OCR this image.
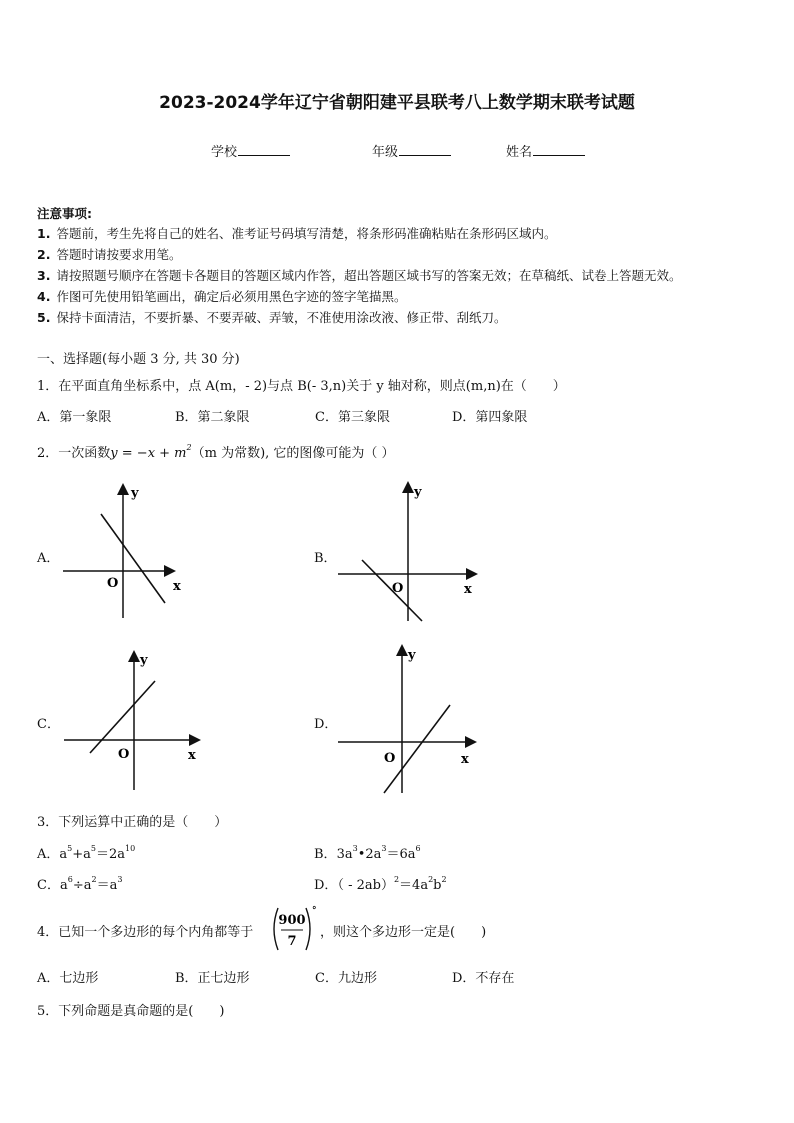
2023-2024学年辽宁省朝阳建平县联考八上数学期末联考试题
学校	年级	姓名
注意事项:
1. 答题前，考生先将自己的姓名、准考证号码填写清楚，将条形码准确粘贴在条形码区域内。
2. 答题时请按要求用笔。
3. 请按照题号顺序在答题卡各题目的答题区域内作答，超出答题区域书写的答案无效；在草稿纸、试卷上答题无效。
4. 作图可先使用铅笔画出，确定后必须用黑色字迹的签字笔描黑。
5. 保持卡面清洁，不要折暴、不要弄破、弄皱，不准使用涂改液、修正带、刮纸刀。
一、选择题(每小题 3 分, 共 30 分)
1．在平面直角坐标系中，点 A(m，- 2)与点 B(- 3,n)关于 y 轴对称，则点(m,n)在（　　）
A．第一象限	B．第二象限	C．第三象限	D．第四象限
2．一次函数$y = -x + m^2(m$ 为常数), 它的图像可能为（ ）
A．
y
x
O
B．
y
x
O
C．
y
x
O
D．
y
x
O
3．下列运算中正确的是（　　）
A．$a^5+a^5=2a^{10}$	B．$3a^3•2a^3=6a^6$
C．$a^6\div a^2=a^3$	D．（ - $2ab)^2=4a^2b^2$
4．已知一个多边形的每个内角都等于
900
7
°
，则这个多边形一定是(　　)
A．七边形	B．正七边形	C．九边形	D．不存在
5．下列命题是真命题的是(　　)
